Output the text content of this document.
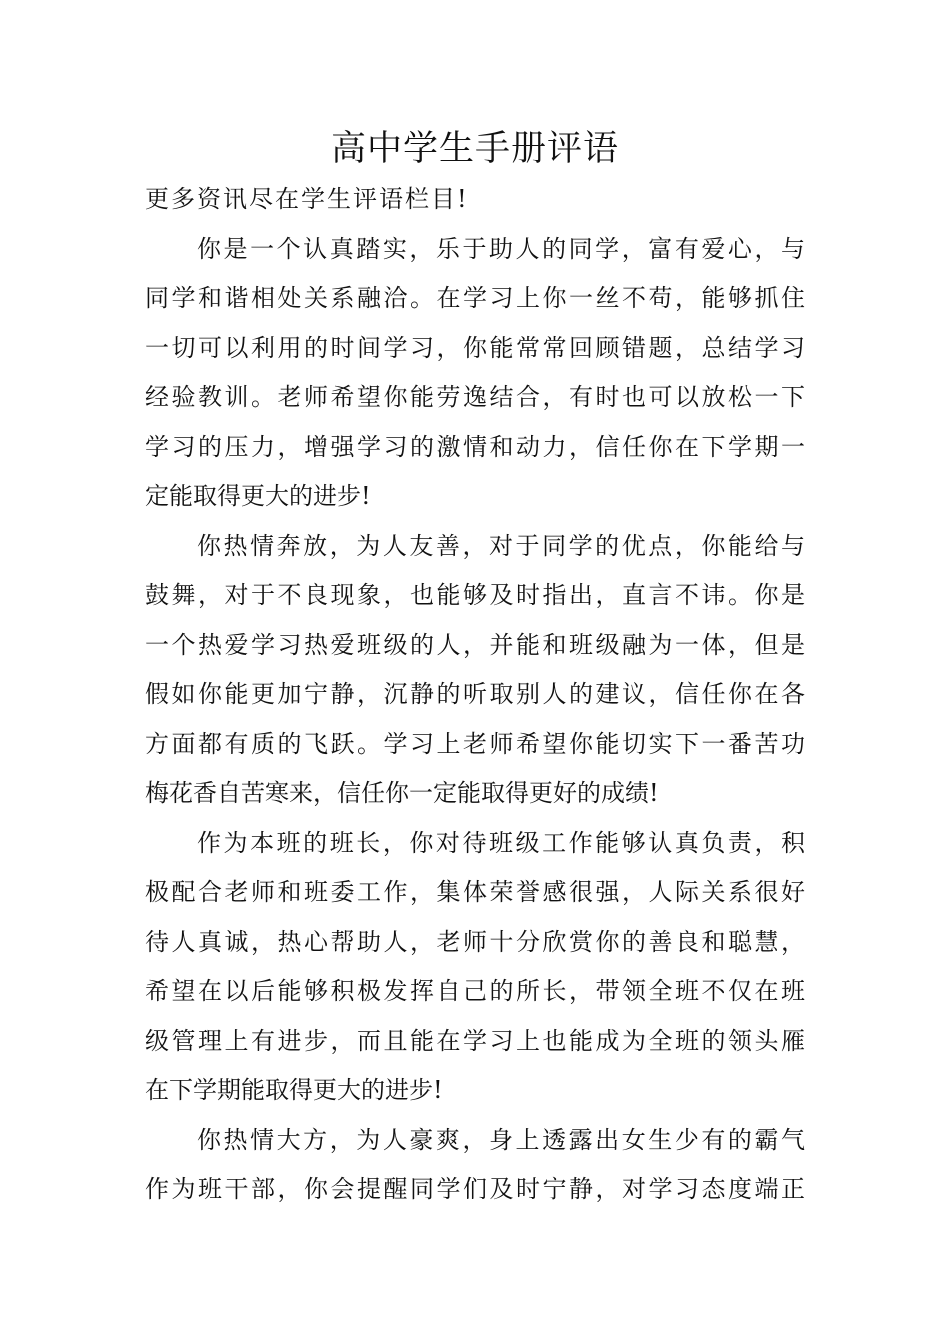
高中学生手册评语

更多资讯尽在学生评语栏目!

你是一个认真踏实，乐于助人的同学，富有爱心，与
同学和谐相处关系融洽。在学习上你一丝不苟，能够抓住
一切可以利用的时间学习，你能常常回顾错题，总结学习
经验教训。老师希望你能劳逸结合，有时也可以放松一下
学习的压力，增强学习的激情和动力，信任你在下学期一
定能取得更大的进步!

你热情奔放，为人友善，对于同学的优点，你能给与
鼓舞，对于不良现象，也能够及时指出，直言不讳。你是
一个热爱学习热爱班级的人，并能和班级融为一体，但是
假如你能更加宁静，沉静的听取别人的建议，信任你在各
方面都有质的飞跃。学习上老师希望你能切实下一番苦功
梅花香自苦寒来，信任你一定能取得更好的成绩!

作为本班的班长，你对待班级工作能够认真负责，积
极配合老师和班委工作，集体荣誉感很强，人际关系很好
待人真诚，热心帮助人，老师十分欣赏你的善良和聪慧，
希望在以后能够积极发挥自己的所长，带领全班不仅在班
级管理上有进步，而且能在学习上也能成为全班的领头雁
在下学期能取得更大的进步!

你热情大方，为人豪爽，身上透露出女生少有的霸气
作为班干部，你会提醒同学们及时宁静，对学习态度端正
